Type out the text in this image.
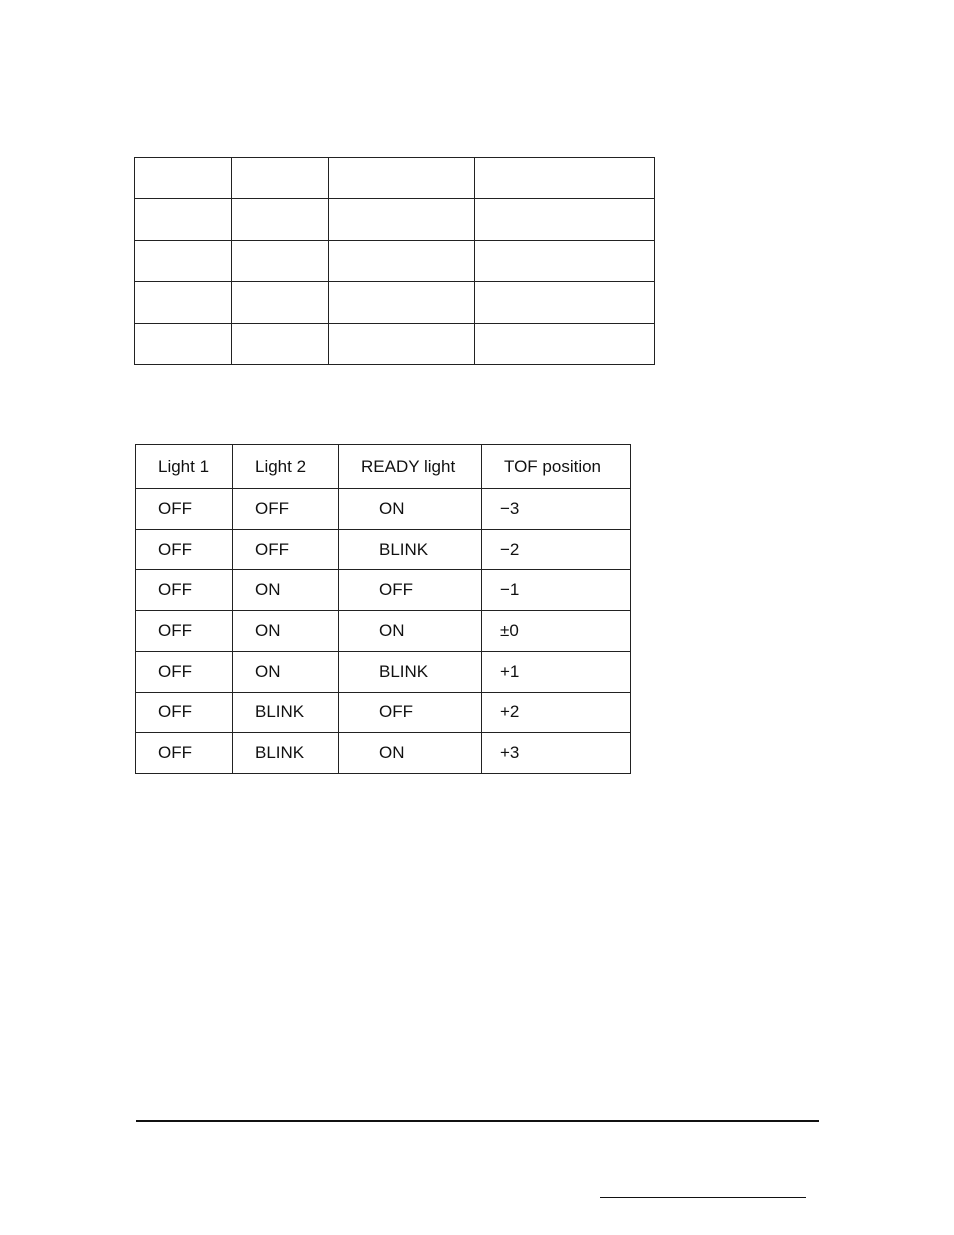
Light 1	Light 2	READY light	TOF position
OFF	OFF	ON	−3
OFF	OFF	BLINK	−2
OFF	ON	OFF	−1
OFF	ON	ON	±0
OFF	ON	BLINK	+1
OFF	BLINK	OFF	+2
OFF	BLINK	ON	+3
